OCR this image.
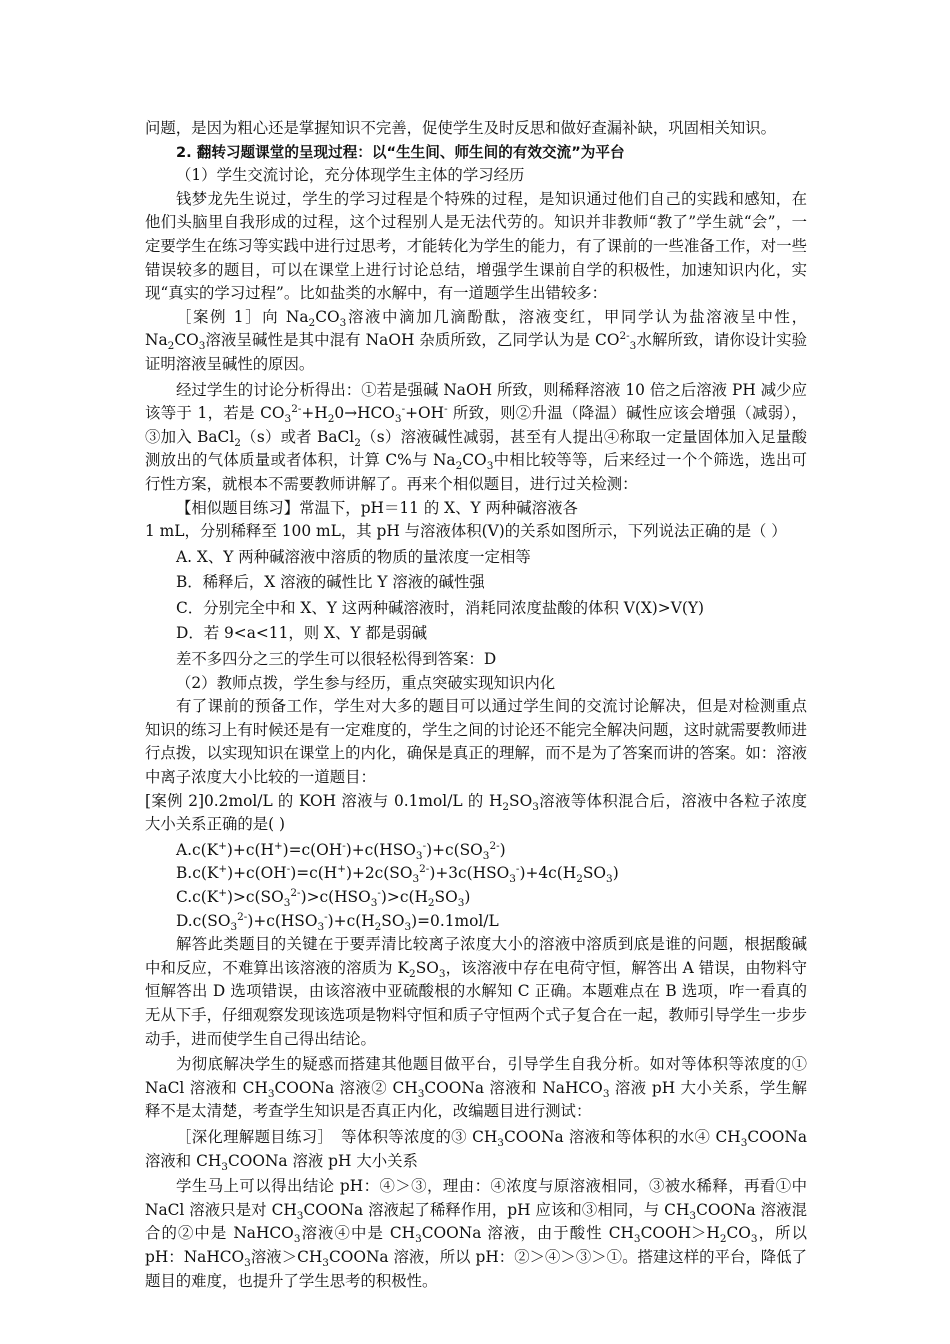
问题，是因为粗心还是掌握知识不完善，促使学生及时反思和做好查漏补缺，巩固相关知识。

2. 翻转习题课堂的呈现过程：以“生生间、师生间的有效交流”为平台

（1）学生交流讨论，充分体现学生主体的学习经历

钱梦龙先生说过，学生的学习过程是个特殊的过程，是知识通过他们自己的实践和感知，在他们头脑里自我形成的过程，这个过程别人是无法代劳的。知识并非教师“教了”学生就“会”，一定要学生在练习等实践中进行过思考，才能转化为学生的能力，有了课前的一些准备工作，对一些错误较多的题目，可以在课堂上进行讨论总结，增强学生课前自学的积极性，加速知识内化，实现“真实的学习过程”。比如盐类的水解中，有一道题学生出错较多：

［案例 1］向 $Na_2CO_3$溶液中滴加几滴酚酞，溶液变红，甲同学认为盐溶液呈中性，$Na_2CO_3$溶液呈碱性是其中混有 NaOH 杂质所致，乙同学认为是 $CO^{2-}_3$水解所致，请你设计实验证明溶液呈碱性的原因。

经过学生的讨论分析得出：①若是强碱 NaOH 所致，则稀释溶液 10 倍之后溶液 PH 减少应该等于 1，若是 $CO_3^{2-}+H_20\to HCO_3^-+OH^-$ 所致，则②升温（降温）碱性应该会增强（减弱），③加入 BaCl$_2$（s）或者 BaCl$_2$（s）溶液碱性减弱，甚至有人提出④称取一定量固体加入足量酸测放出的气体质量或者体积，计算 C%与 $Na_2CO_3$中相比较等等，后来经过一个个筛选，选出可行性方案，就根本不需要教师讲解了。再来个相似题目，进行过关检测：

【相似题目练习】常温下，pH＝11 的 X、Y 两种碱溶液各

1 mL，分别稀释至 100 mL，其 pH 与溶液体积(V)的关系如图所示，下列说法正确的是（ ）

A. X、Y 两种碱溶液中溶质的物质的量浓度一定相等

B．稀释后，X 溶液的碱性比 Y 溶液的碱性强

C．分别完全中和 X、Y 这两种碱溶液时，消耗同浓度盐酸的体积 V(X)>V(Y)

D．若 9<a<11，则 X、Y 都是弱碱

差不多四分之三的学生可以很轻松得到答案：D

（2）教师点拨，学生参与经历，重点突破实现知识内化

有了课前的预备工作，学生对大多的题目可以通过学生间的交流讨论解决，但是对检测重点知识的练习上有时候还是有一定难度的，学生之间的讨论还不能完全解决问题，这时就需要教师进行点拨，以实现知识在课堂上的内化，确保是真正的理解，而不是为了答案而讲的答案。如：溶液中离子浓度大小比较的一道题目：

[案例 2]0.2mol/L 的 KOH 溶液与 0.1mol/L 的 $H_2SO_3$溶液等体积混合后，溶液中各粒子浓度大小关系正确的是( )

$A.c(K^+)+c(H^+)=c(OH^-)+c(HSO_3^-)+c(SO_3^{2-})$

$B.c(K^+)+c(OH^-)=c(H^+)+2c(SO_3^{2-})+3c(HSO_3^-)+4c(H_2SO_3)$

$C.c(K^+)>c(SO_3^{2-})>c(HSO_3^-)>c(H_2SO_3)$

$D.c(SO_3^{2-})+c(HSO_3^-)+c(H_2SO_3)=0.1mol/L$

解答此类题目的关键在于要弄清比较离子浓度大小的溶液中溶质到底是谁的问题，根据酸碱中和反应，不难算出该溶液的溶质为 $K_2SO_3$，该溶液中存在电荷守恒，解答出 A 错误，由物料守恒解答出 D 选项错误，由该溶液中亚硫酸根的水解知 C 正确。本题难点在 B 选项，咋一看真的无从下手，仔细观察发现该选项是物料守恒和质子守恒两个式子复合在一起，教师引导学生一步步动手，进而使学生自己得出结论。

为彻底解决学生的疑惑而搭建其他题目做平台，引导学生自我分析。如对等体积等浓度的① NaCl 溶液和 $CH_3COONa$ 溶液② $CH_3COONa$ 溶液和 NaHCO$_3$ 溶液 pH 大小关系，学生解释不是太清楚，考查学生知识是否真正内化，改编题目进行测试：

［深化理解题目练习］　等体积等浓度的③ $CH_3COONa$ 溶液和等体积的水④ $CH_3COONa$ 溶液和 $CH_3COONa$ 溶液 pH 大小关系

学生马上可以得出结论 pH：④＞③，理由：④浓度与原溶液相同，③被水稀释，再看①中 NaCl 溶液只是对 $CH_3COONa$ 溶液起了稀释作用，pH 应该和③相同，与 $CH_3COONa$ 溶液混合的②中是 NaHCO$_3$溶液④中是 $CH_3COONa$ 溶液，由于酸性 $CH_3COOH>H_2CO_3$，所以 pH：NaHCO$_3$溶液$>CH_3COONa$ 溶液，所以 pH：②＞④＞③＞①。搭建这样的平台，降低了题目的难度，也提升了学生思考的积极性。
